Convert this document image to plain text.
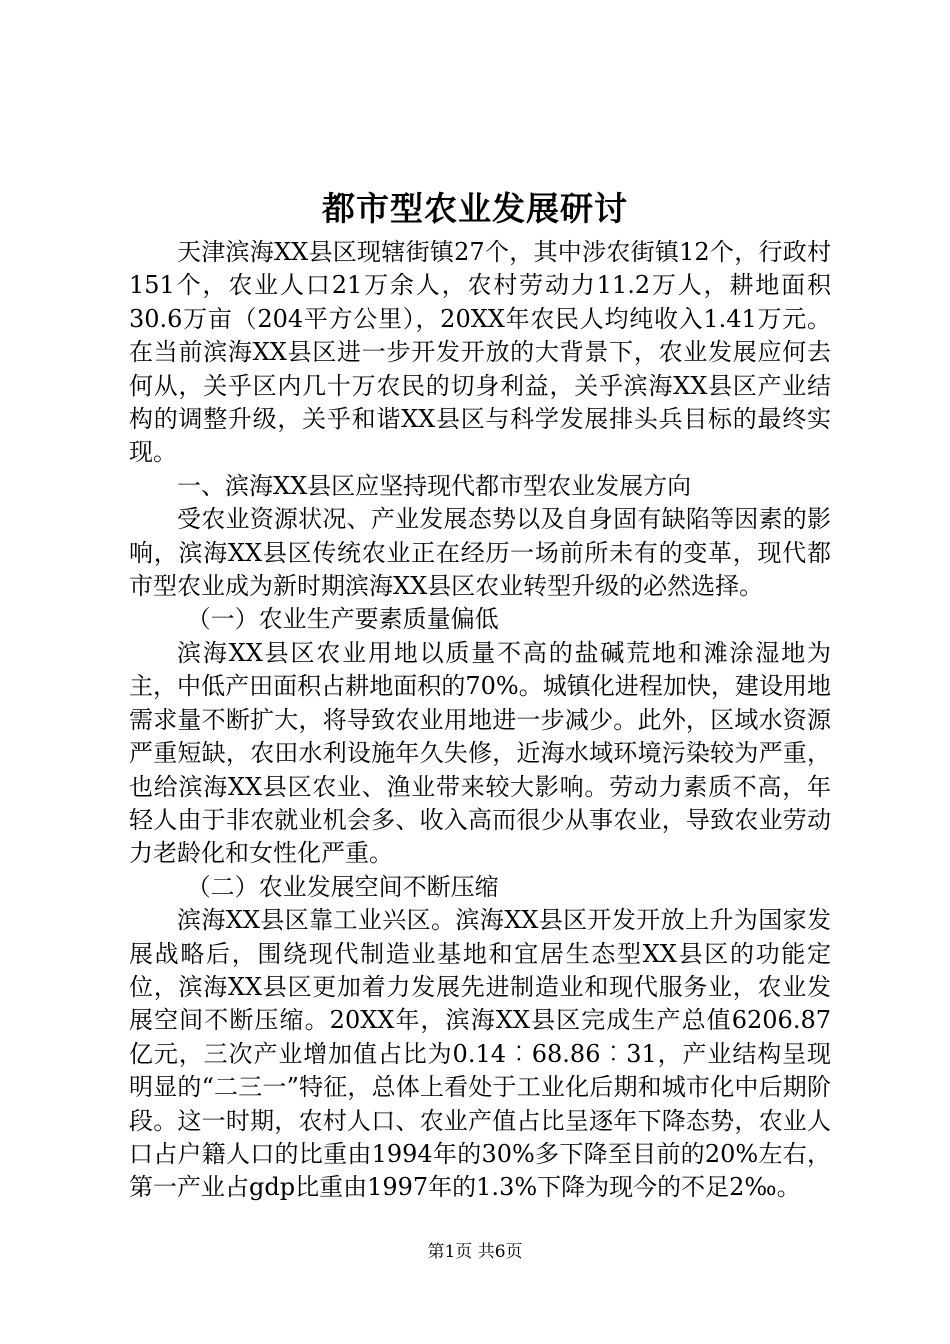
都市型农业发展研讨

天津滨海XX县区现辖街镇27个，其中涉农街镇12个，行政村151个，农业人口21万余人，农村劳动力11.2万人，耕地面积30.6万亩（204平方公里），20XX年农民人均纯收入1.41万元。在当前滨海XX县区进一步开发开放的大背景下，农业发展应何去何从，关乎区内几十万农民的切身利益，关乎滨海XX县区产业结构的调整升级，关乎和谐XX县区与科学发展排头兵目标的最终实现。

一、滨海XX县区应坚持现代都市型农业发展方向

受农业资源状况、产业发展态势以及自身固有缺陷等因素的影响，滨海XX县区传统农业正在经历一场前所未有的变革，现代都市型农业成为新时期滨海XX县区农业转型升级的必然选择。

（一）农业生产要素质量偏低

滨海XX县区农业用地以质量不高的盐碱荒地和滩涂湿地为主，中低产田面积占耕地面积的70%。城镇化进程加快，建设用地需求量不断扩大，将导致农业用地进一步减少。此外，区域水资源严重短缺，农田水利设施年久失修，近海水域环境污染较为严重，也给滨海XX县区农业、渔业带来较大影响。劳动力素质不高，年轻人由于非农就业机会多、收入高而很少从事农业，导致农业劳动力老龄化和女性化严重。

（二）农业发展空间不断压缩

滨海XX县区靠工业兴区。滨海XX县区开发开放上升为国家发展战略后，围绕现代制造业基地和宜居生态型XX县区的功能定位，滨海XX县区更加着力发展先进制造业和现代服务业，农业发展空间不断压缩。20XX年，滨海XX县区完成生产总值6206.87亿元，三次产业增加值占比为0.14︰68.86︰31，产业结构呈现明显的“二三一”特征，总体上看处于工业化后期和城市化中后期阶段。这一时期，农村人口、农业产值占比呈逐年下降态势，农业人口占户籍人口的比重由1994年的30%多下降至目前的20%左右，第一产业占gdp比重由1997年的1.3%下降为现今的不足2‰。

第1页 共6页
